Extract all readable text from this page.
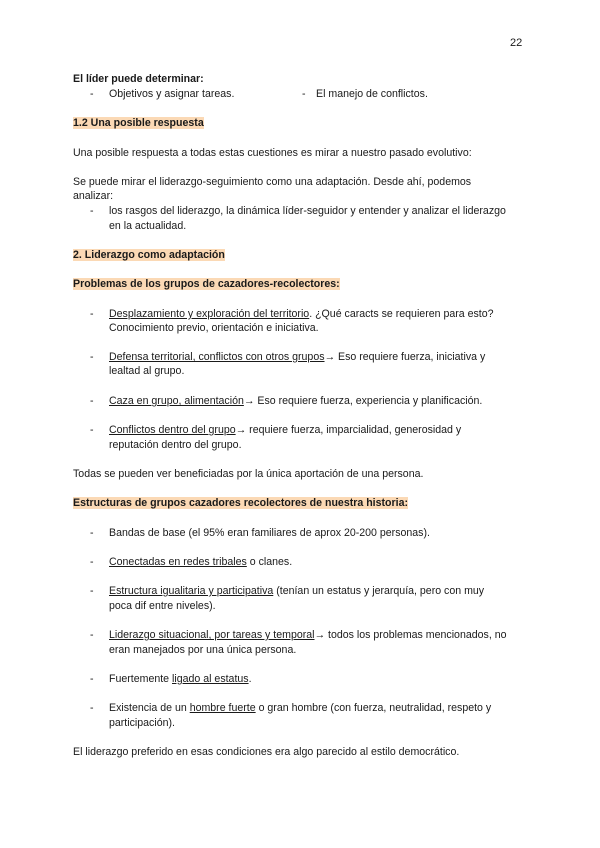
22
El líder puede determinar:
- Objetivos y asignar tareas.	- El manejo de conflictos.
1.2 Una posible respuesta
Una posible respuesta a todas estas cuestiones es mirar a nuestro pasado evolutivo:
Se puede mirar el liderazgo-seguimiento como una adaptación. Desde ahí, podemos
analizar:
- los rasgos del liderazgo, la dinámica líder-seguidor y entender y analizar el liderazgo
en la actualidad.
2. Liderazgo como adaptación
Problemas de los grupos de cazadores-recolectores:
- Desplazamiento y exploración del territorio. ¿Qué caracts se requieren para esto?
Conocimiento previo, orientación e iniciativa.
- Defensa territorial, conflictos con otros grupos→ Eso requiere fuerza, iniciativa y
lealtad al grupo.
- Caza en grupo, alimentación→ Eso requiere fuerza, experiencia y planificación.
- Conflictos dentro del grupo→ requiere fuerza, imparcialidad, generosidad y
reputación dentro del grupo.
Todas se pueden ver beneficiadas por la única aportación de una persona.
Estructuras de grupos cazadores recolectores de nuestra historia:
- Bandas de base (el 95% eran familiares de aprox 20-200 personas).
- Conectadas en redes tribales o clanes.
- Estructura igualitaria y participativa (tenían un estatus y jerarquía, pero con muy
poca dif entre niveles).
- Liderazgo situacional, por tareas y temporal→ todos los problemas mencionados, no
eran manejados por una única persona.
- Fuertemente ligado al estatus.
- Existencia de un hombre fuerte o gran hombre (con fuerza, neutralidad, respeto y
participación).
El liderazgo preferido en esas condiciones era algo parecido al estilo democrático.
